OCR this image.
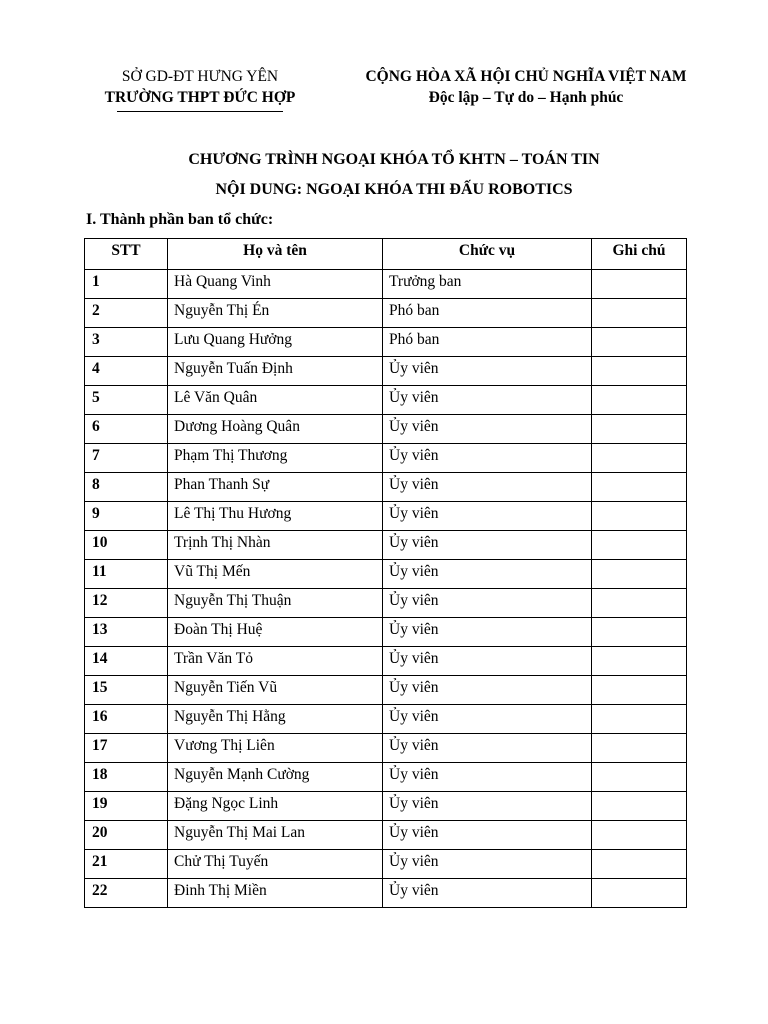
SỞ GD-ĐT HƯNG YÊN
TRƯỜNG THPT ĐỨC HỢP
CỘNG HÒA XÃ HỘI CHỦ NGHĨA VIỆT NAM
Độc lập – Tự do – Hạnh phúc
CHƯƠNG TRÌNH NGOẠI KHÓA TỔ KHTN – TOÁN TIN
NỘI DUNG: NGOẠI KHÓA THI ĐẤU ROBOTICS
I. Thành phần ban tổ chức:
STT	Họ và tên	Chức vụ	Ghi chú
1	Hà Quang Vinh	Trưởng ban	
2	Nguyễn Thị Én	Phó ban	
3	Lưu Quang Hưởng	Phó ban	
4	Nguyễn Tuấn Định	Ủy viên	
5	Lê Văn Quân	Ủy viên	
6	Dương Hoàng Quân	Ủy viên	
7	Phạm Thị Thương	Ủy viên	
8	Phan Thanh Sự	Ủy viên	
9	Lê Thị Thu Hương	Ủy viên	
10	Trịnh Thị Nhàn	Ủy viên	
11	Vũ Thị Mến	Ủy viên	
12	Nguyễn Thị Thuận	Ủy viên	
13	Đoàn Thị Huệ	Ủy viên	
14	Trần Văn Tỏ	Ủy viên	
15	Nguyễn Tiến Vũ	Ủy viên	
16	Nguyễn Thị Hằng	Ủy viên	
17	Vương Thị Liên	Ủy viên	
18	Nguyễn Mạnh Cường	Ủy viên	
19	Đặng Ngọc Linh	Ủy viên	
20	Nguyễn Thị Mai Lan	Ủy viên	
21	Chử Thị Tuyến	Ủy viên	
22	Đinh Thị Miền	Ủy viên	
